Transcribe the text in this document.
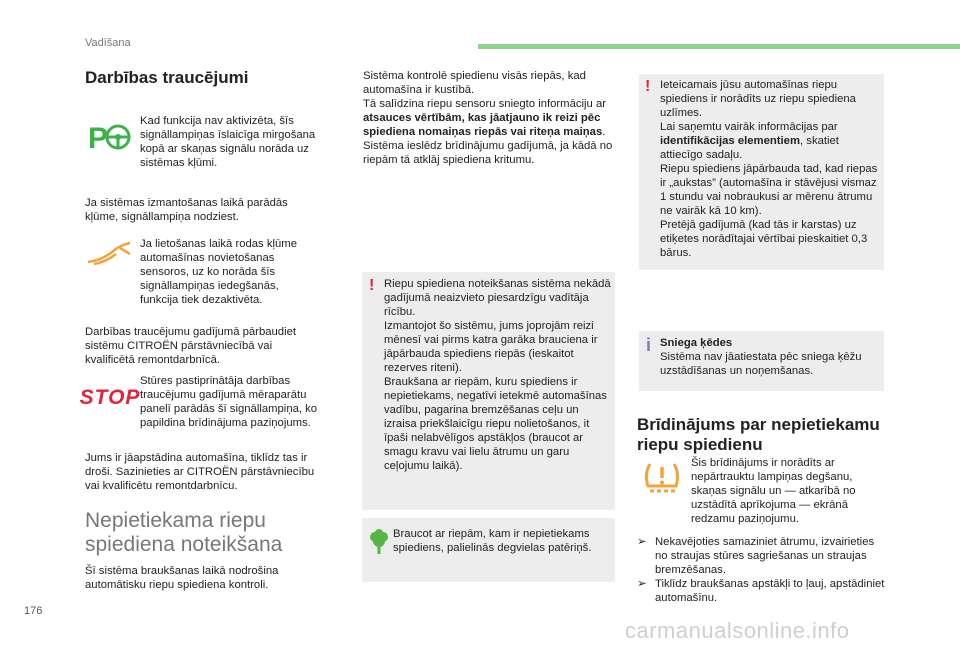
Vadīšana
Darbības traucējumi
P
Kad funkcija nav aktivizēta, šīs signāllampiņas īslaicīga mirgošana kopā ar skaņas signālu norāda uz sistēmas kļūmi.
Ja sistēmas izmantošanas laikā parādās kļūme, signāllampiņa nodziest.
Ja lietošanas laikā rodas kļūme automašīnas novietošanas sensoros, uz ko norāda šīs signāllampiņas iedegšanās, funkcija tiek dezaktivēta.
Darbības traucējumu gadījumā pārbaudiet sistēmu CITROËN pārstāvniecībā vai kvalificētā remontdarbnīcā.
STOP
Stūres pastiprinātāja darbības traucējumu gadījumā mēraparātu panelī parādās šī signāllampiņa, ko papildina brīdinājuma paziņojums.
Jums ir jāapstādina automašīna, tiklīdz tas ir droši. Sazinieties ar CITROËN pārstāvniecību vai kvalificētu remontdarbnīcu.
Nepietiekama riepu spiediena noteikšana
Šī sistēma braukšanas laikā nodrošina automātisku riepu spiediena kontroli.
Sistēma kontrolē spiedienu visās riepās, kad automašīna ir kustībā.
Tā salīdzina riepu sensoru sniegto informāciju ar atsauces vērtībām, kas jāatjauno ik reizi pēc spiediena nomaiņas riepās vai riteņa maiņas.
Sistēma ieslēdz brīdinājumu gadījumā, ja kādā no riepām tā atklāj spiediena kritumu.
! Riepu spiediena noteikšanas sistēma nekādā gadījumā neaizvieto piesardzīgu vadītāja rīcību.
Izmantojot šo sistēmu, jums joprojām reizi mēnesī vai pirms katra garāka brauciena ir jāpārbauda spiediens riepās (ieskaitot rezerves riteni).
Braukšana ar riepām, kuru spiediens ir nepietiekams, negatīvi ietekmē automašīnas vadību, pagarina bremzēšanas ceļu un izraisa priekšlaicīgu riepu nolietošanos, it īpaši nelabvēlīgos apstākļos (braucot ar smagu kravu vai lielu ātrumu un garu ceļojumu laikā).
Braucot ar riepām, kam ir nepietiekams spiediens, palielinās degvielas patēriņš.
! Ieteicamais jūsu automašīnas riepu spiediens ir norādīts uz riepu spiediena uzlīmes.
Lai saņemtu vairāk informācijas par identifikācijas elementiem, skatiet attiecīgo sadaļu.
Riepu spiediens jāpārbauda tad, kad riepas ir „aukstas” (automašīna ir stāvējusi vismaz 1 stundu vai nobraukusi ar mērenu ātrumu ne vairāk kā 10 km).
Pretējā gadījumā (kad tās ir karstas) uz etiķetes norādītajai vērtībai pieskaitiet 0,3 bārus.
i Sniega ķēdes
Sistēma nav jāatiestata pēc sniega ķēžu uzstādīšanas un noņemšanas.
Brīdinājums par nepietiekamu riepu spiedienu
Šis brīdinājums ir norādīts ar nepārtrauktu lampiņas degšanu, skaņas signālu un — atkarībā no uzstādītā aprīkojuma — ekrānā redzamu paziņojumu.
➢ Nekavējoties samaziniet ātrumu, izvairieties no straujas stūres sagriešanas un straujas bremzēšanas.
➢ Tiklīdz braukšanas apstākļi to ļauj, apstādiniet automašīnu.
176
carmanualsonline.info
